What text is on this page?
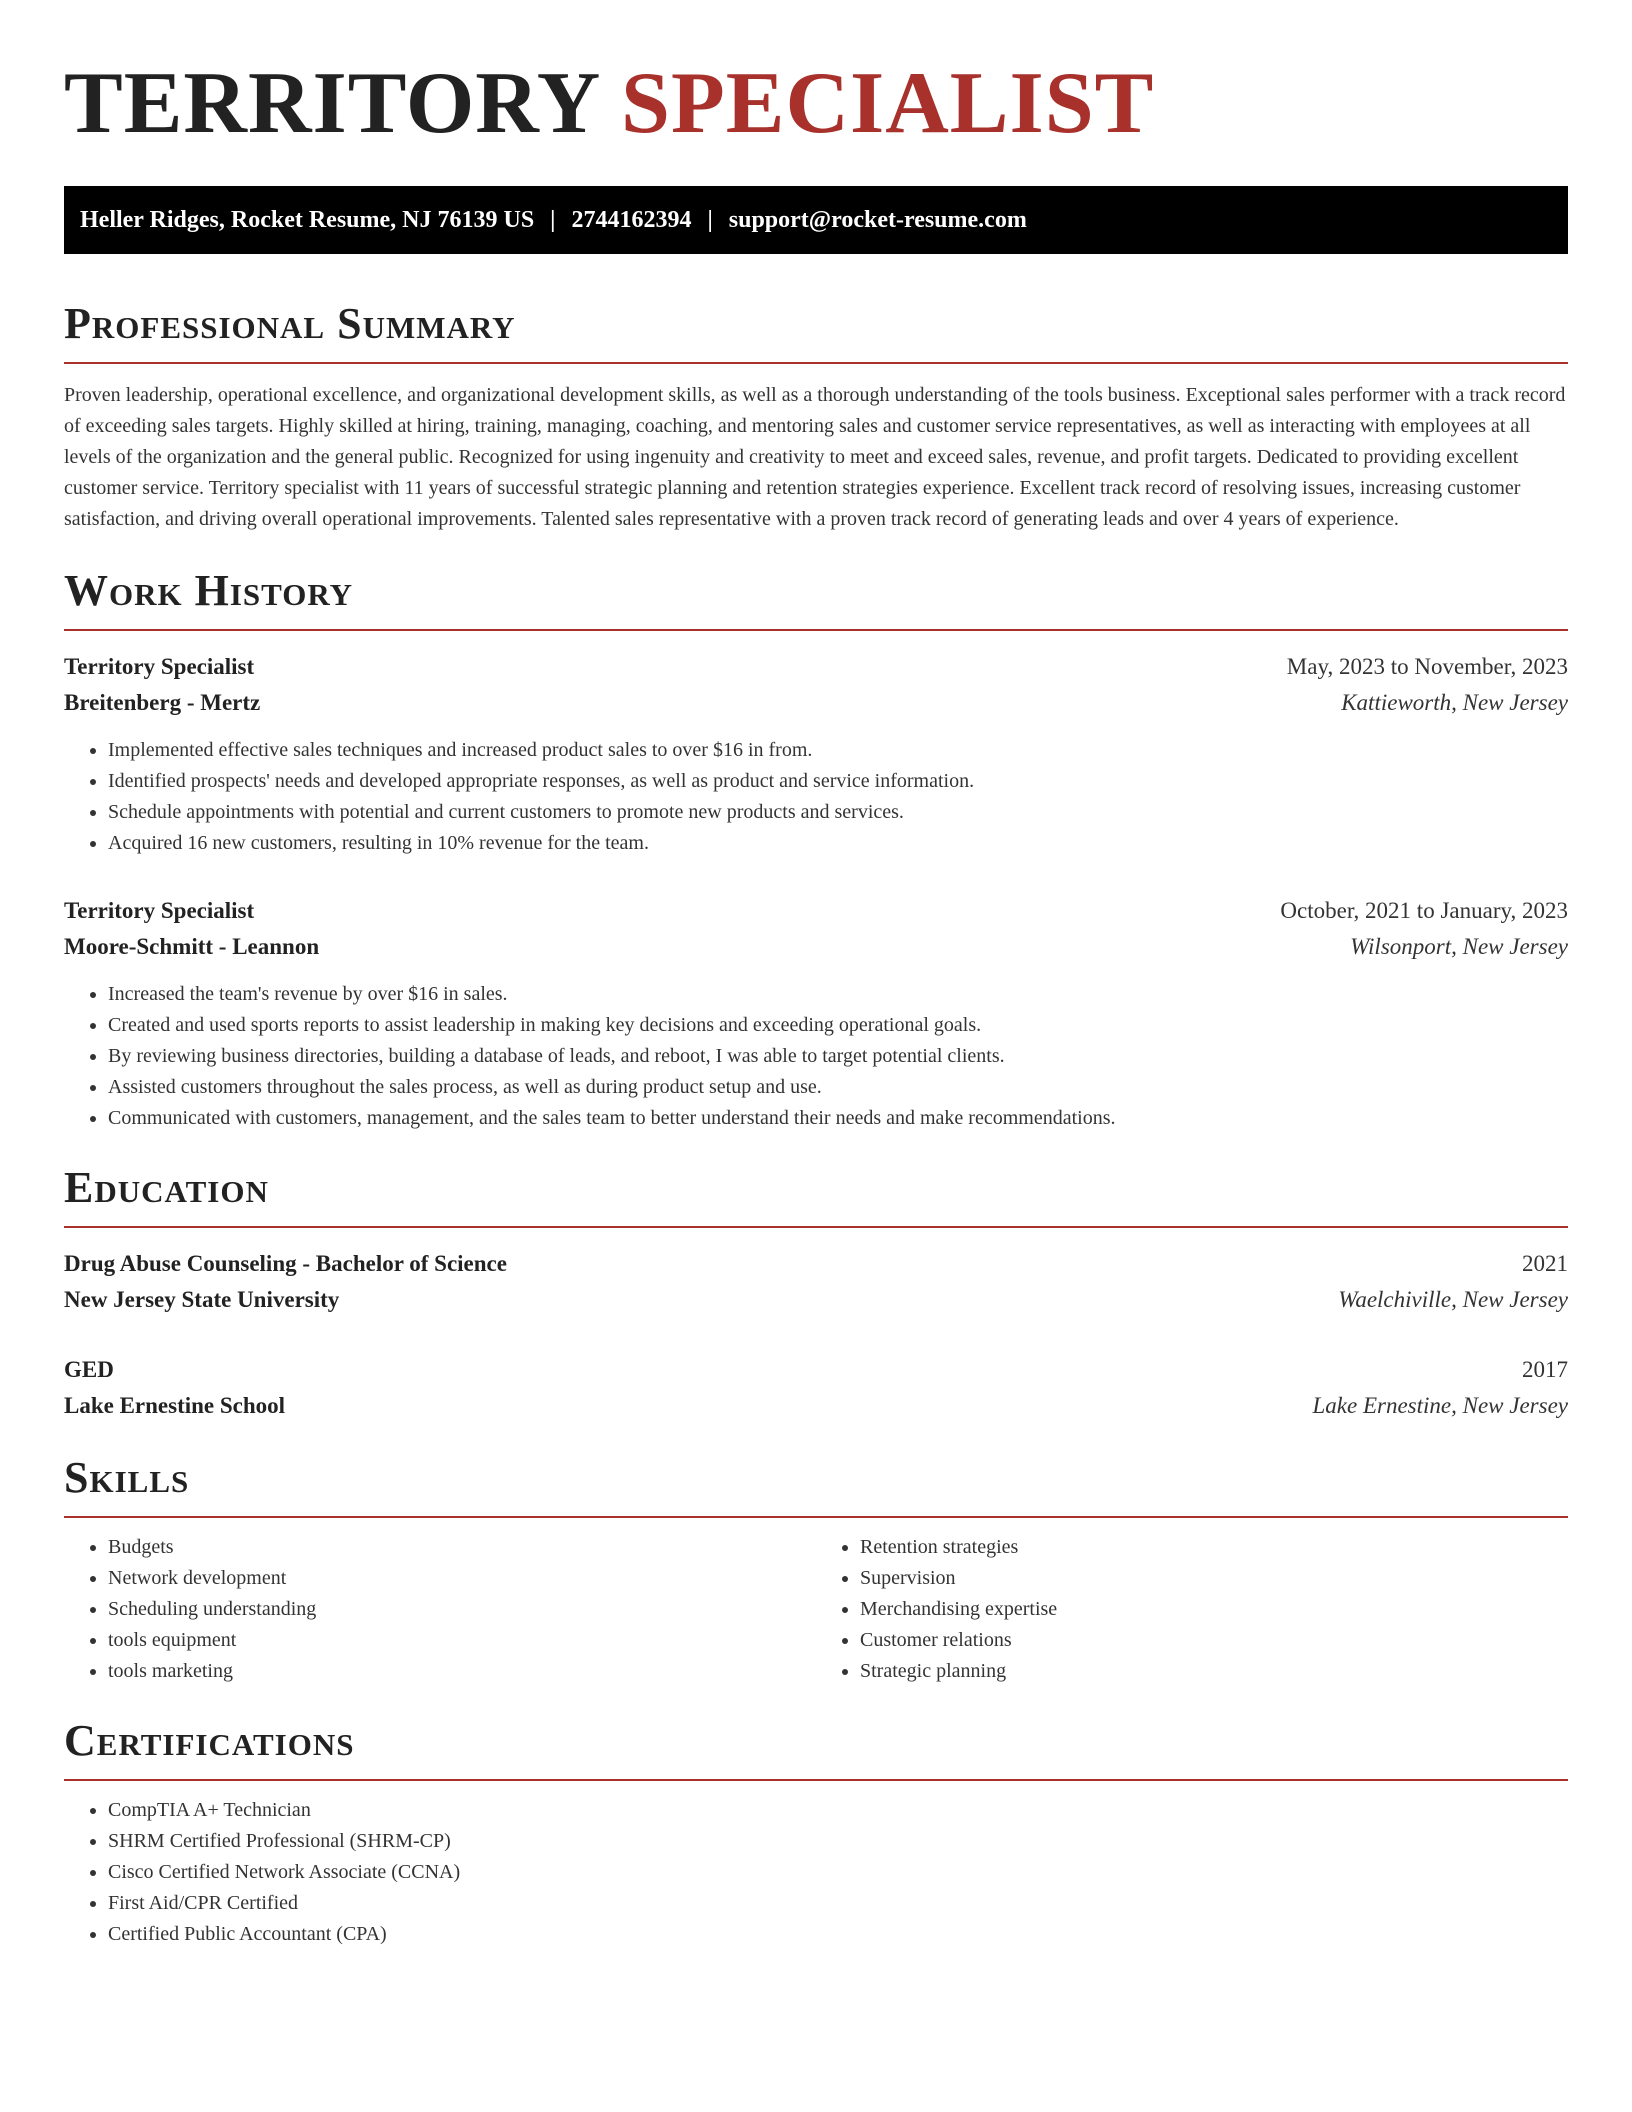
TERRITORY SPECIALIST
Heller Ridges, Rocket Resume, NJ 76139 US | 2744162394 | support@rocket-resume.com
Professional Summary

Proven leadership, operational excellence, and organizational development skills, as well as a thorough understanding of the tools business. Exceptional sales performer with a track record of exceeding sales targets. Highly skilled at hiring, training, managing, coaching, and mentoring sales and customer service representatives, as well as interacting with employees at all levels of the organization and the general public. Recognized for using ingenuity and creativity to meet and exceed sales, revenue, and profit targets. Dedicated to providing excellent customer service. Territory specialist with 11 years of successful strategic planning and retention strategies experience. Excellent track record of resolving issues, increasing customer satisfaction, and driving overall operational improvements. Talented sales representative with a proven track record of generating leads and over 4 years of experience.

Work History
Territory Specialist	May, 2023 to November, 2023
Breitenberg - Mertz	Kattieworth, New Jersey
• Implemented effective sales techniques and increased product sales to over $16 in from.
• Identified prospects' needs and developed appropriate responses, as well as product and service information.
• Schedule appointments with potential and current customers to promote new products and services.
• Acquired 16 new customers, resulting in 10% revenue for the team.
Territory Specialist	October, 2021 to January, 2023
Moore-Schmitt - Leannon	Wilsonport, New Jersey
• Increased the team's revenue by over $16 in sales.
• Created and used sports reports to assist leadership in making key decisions and exceeding operational goals.
• By reviewing business directories, building a database of leads, and reboot, I was able to target potential clients.
• Assisted customers throughout the sales process, as well as during product setup and use.
• Communicated with customers, management, and the sales team to better understand their needs and make recommendations.
Education
Drug Abuse Counseling - Bachelor of Science	2021
New Jersey State University	Waelchiville, New Jersey
GED	2017
Lake Ernestine School	Lake Ernestine, New Jersey
Skills
• Budgets
• Network development
• Scheduling understanding
• tools equipment
• tools marketing
• Retention strategies
• Supervision
• Merchandising expertise
• Customer relations
• Strategic planning
Certifications
• CompTIA A+ Technician
• SHRM Certified Professional (SHRM-CP)
• Cisco Certified Network Associate (CCNA)
• First Aid/CPR Certified
• Certified Public Accountant (CPA)
